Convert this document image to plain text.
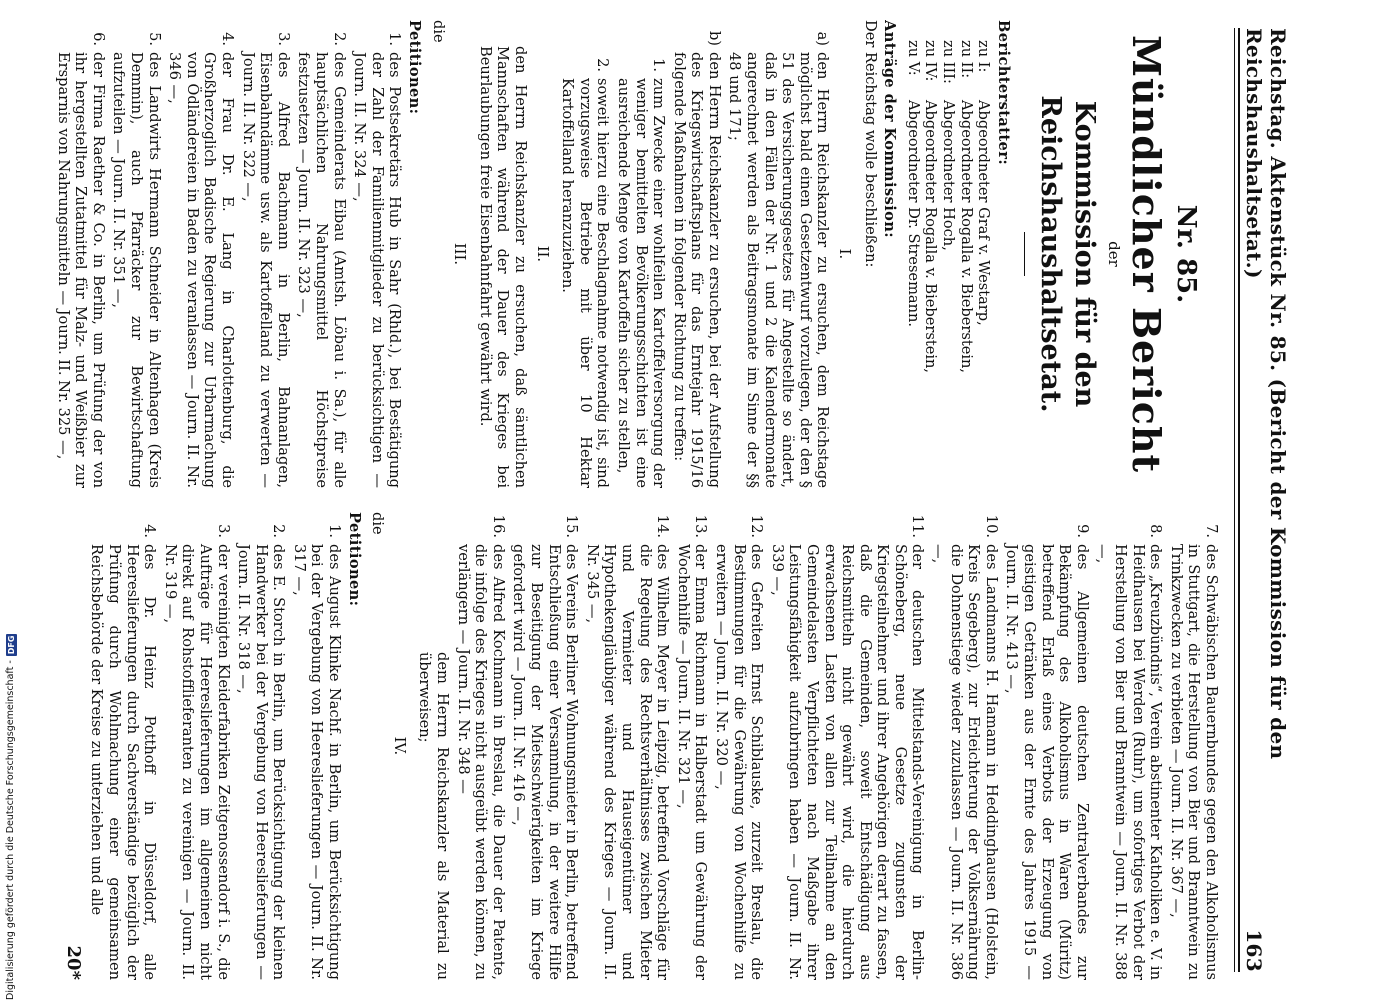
Reichstag. Aktenstück Nr. 85. (Bericht der Kommission für den Reichshaushaltsetat.)
163
Nr. 85.
Mündlicher Bericht
der
Kommission für den Reichshaushaltsetat.
Berichterstatter:
zu I:
Abgeordneter Graf v. Westarp,
zu II:
Abgeordneter Rogalla v. Bieberstein,
zu III:
Abgeordneter Hoch,
zu IV:
Abgeordneter Rogalla v. Bieberstein,
zu V:
Abgeordneter Dr. Stresemann.
Anträge der Kommission:
Der Reichstag wolle beschließen:
I.
a)
den Herrn Reichskanzler zu ersuchen, dem Reichstage möglichst bald einen Gesetzentwurf vorzulegen, der den § 51 des Versicherungsgesetzes für Angestellte so ändert, daß in den Fällen der Nr. 1 und 2 die Kalendermonate angerechnet werden als Beitragsmonate im Sinne der §§ 48 und 171;
b)
den Herrn Reichskanzler zu ersuchen, bei der Aufstellung des Kriegswirtschaftsplans für das Erntejahr 1915/16 folgende Maßnahmen in folgender Richtung zu treffen:
1.
zum Zwecke einer wohlfeilen Kartoffelversorgung der weniger bemittelten Bevölkerungsschichten ist eine ausreichende Menge von Kartoffeln sicher zu stellen,
2.
soweit hierzu eine Beschlagnahme notwendig ist, sind vorzugsweise Betriebe mit über 10 Hektar Kartoffelland heranzuziehen.
II.
den Herrn Reichskanzler zu ersuchen, daß sämtlichen Mannschaften während der Dauer des Krieges bei Beurlaubungen freie Eisenbahnfahrt gewährt wird.
III.
die
Petitionen:
1.
des Postsekretärs Hub in Sahr (Rhld.), bei Bestätigung der Zahl der Familienmitglieder zu berücksichtigen — Journ. II. Nr. 324 —,
2.
des Gemeinderats Eibau (Amtsh. Löbau i. Sa.), für alle hauptsächlichen Nahrungsmittel Höchstpreise festzusetzen — Journ. II. Nr. 323 —,
3.
des Alfred Bachmann in Berlin, Bahnanlagen, Eisenbahndämme usw. als Kartoffelland zu verwerten — Journ. II. Nr. 322 —,
4.
der Frau Dr. E. Lang in Charlottenburg, die Großherzoglich Badische Regierung zur Urbarmachung von Ödländereien in Baden zu veranlassen — Journ. II. Nr. 346 —,
5.
des Landwirts Hermann Schneider in Altenhagen (Kreis Demmin), auch Pfarräcker zur Bewirtschaftung aufzuteilen — Journ. II. Nr. 351 —,
6.
der Firma Raether & Co. in Berlin, um Prüfung der von ihr hergestellten Zutatmittel für Malz- und Weißbier zur Ersparnis von Nahrungsmitteln — Journ. II. Nr. 325 —,
7.
des Schwäbischen Bauernbundes gegen den Alkoholismus in Stuttgart, die Herstellung von Bier und Branntwein zu Trinkzwecken zu verbieten — Journ. II. Nr. 367 —,
8.
des „Kreuzbündnis“, Verein abstinenter Katholiken e. V. in Heidhausen bei Werden (Ruhr), um sofortiges Verbot der Herstellung von Bier und Branntwein — Journ. II. Nr. 388 —,
9.
des Allgemeinen deutschen Zentralverbandes zur Bekämpfung des Alkoholismus in Waren (Müritz) betreffend Erlaß eines Verbots der Erzeugung von geistigen Getränken aus der Ernte des Jahres 1915 — Journ. II. Nr. 413 —,
10.
des Landmanns H. Hamann in Heddinghausen (Holstein, Kreis Segeberg), zur Erleichterung der Volksernährung die Dohnenstiege wieder zuzulassen — Journ. II. Nr. 386 —,
11.
der deutschen Mittelstands-Vereinigung in Berlin-Schöneberg, neue Gesetze zugunsten der Kriegsteilnehmer und ihrer Angehörigen derart zu fassen, daß die Gemeinden, soweit Entschädigung aus Reichsmitteln nicht gewährt wird, die hierdurch erwachsenen Lasten von allen zur Teilnahme an den Gemeindelasten Verpflichteten nach Maßgabe ihrer Leistungsfähigkeit aufzubringen haben — Journ. II. Nr. 339 —,
12.
des Gefreiten Ernst Schiblauske, zurzeit Breslau, die Bestimmungen für die Gewährung von Wochenhilfe zu erweitern — Journ. II. Nr. 320 —,
13.
der Emma Richmann in Halberstadt um Gewährung der Wochenhilfe — Journ. II. Nr. 321 —,
14.
des Wilhelm Meyer in Leipzig, betreffend Vorschläge für die Regelung des Rechtsverhältnisses zwischen Mieter und Vermieter und Hauseigentümer und Hypothekengläubiger während des Krieges — Journ. II. Nr. 345 —,
15.
des Vereins Berliner Wohnungsmieter in Berlin, betreffend Entschließung einer Versammlung, in der weitere Hilfe zur Beseitigung der Mietsschwierigkeiten im Kriege gefordert wird — Journ. II. Nr. 416 —,
16.
des Alfred Kochmann in Breslau, die Dauer der Patente, die infolge des Krieges nicht ausgeübt werden können, zu verlängern — Journ. II. Nr. 348 —
dem Herrn Reichskanzler als Material zu überweisen;
IV.
die
Petitionen:
1.
des August Klinke Nachf. in Berlin, um Berücksichtigung bei der Vergebung von Heereslieferungen — Journ. II. Nr. 317 —,
2.
des E. Storch in Berlin, um Berücksichtigung der kleinen Handwerker bei der Vergebung von Heereslieferungen — Journ. II. Nr. 318 —,
3.
der vereinigten Kleiderfabriken Zeitgenossendorf i. S., die Aufträge für Heereslieferungen im allgemeinen nicht direkt auf Rohstofflieferanten zu vereinigen — Journ. II. Nr. 319 —,
4.
des Dr. Heinz Potthoff in Düsseldorf, alle Heereslieferungen durch Sachverständige bezüglich der Prüfung durch Wohlmachung einer gemeinsamen Reichsbehörde der Kreise zu unterziehen und alle
20*
Digitalisierung gefördert durch die Deutsche Forschungsgemeinschaft -
DFG
